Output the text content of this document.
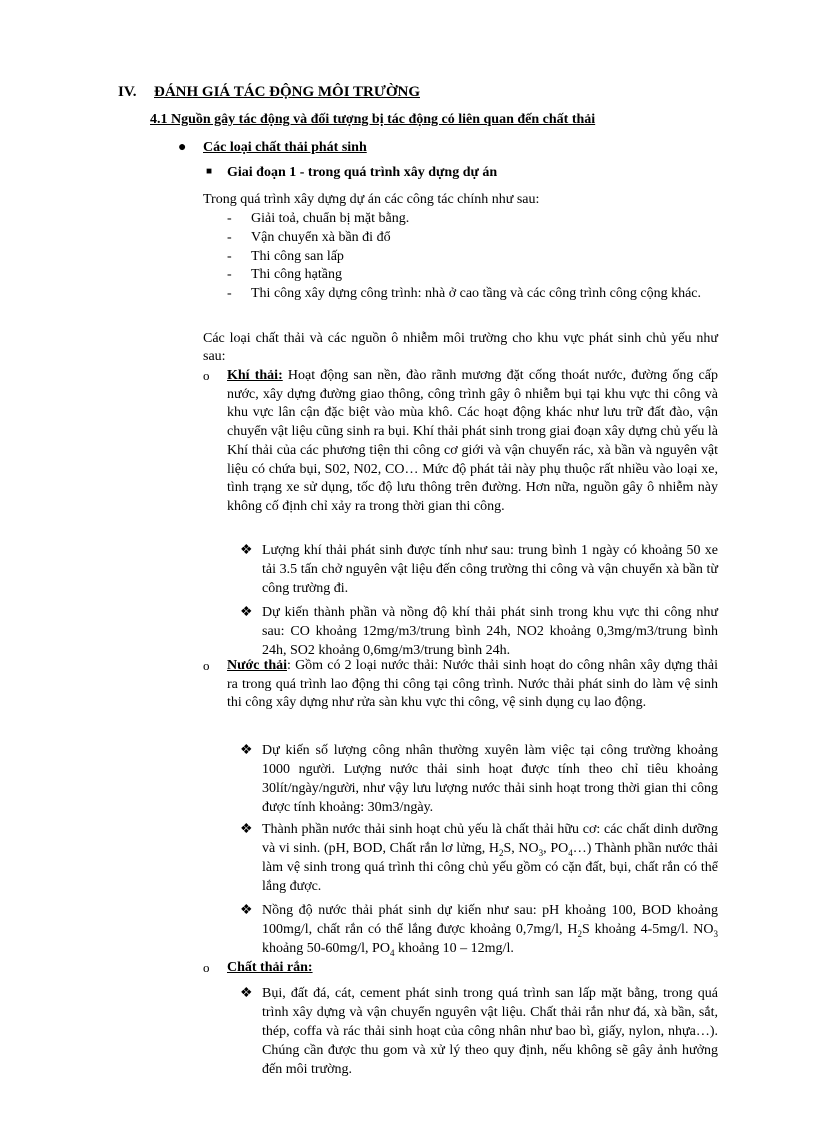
IV. ĐÁNH GIÁ TÁC ĐỘNG MÔI TRƯỜNG
4.1 Nguồn gây tác động và đối tượng bị tác động có liên quan đến chất thải
● Các loại chất thải phát sinh
■ Giai đoạn 1 - trong quá trình xây dựng dự án
Trong quá trình xây dựng dự án các công tác chính như sau:
- Giải toả, chuẩn bị mặt bằng.
- Vận chuyển xà bần đi đổ
- Thi công san lấp
- Thi công hạtầng
- Thi công xây dựng công trình: nhà ở cao tầng và các công trình công cộng khác.
Các loại chất thải và các nguồn ô nhiễm môi trường cho khu vực phát sinh chủ yếu như sau:
o Khí thải: Hoạt động san nền, đào rãnh mương đặt cống thoát nước, đường ống cấp nước, xây dựng đường giao thông, công trình gây ô nhiễm bụi tại khu vực thi công và khu vực lân cận đặc biệt vào mùa khô. Các hoạt động khác như lưu trữ đất đào, vận chuyển vật liệu cũng sinh ra bụi. Khí thải phát sinh trong giai đoạn xây dựng chủ yếu là Khí thải của các phương tiện thi công cơ giới và vận chuyển rác, xà bần và nguyên vật liệu có chứa bụi, S02, N02, CO… Mức độ phát tải này phụ thuộc rất nhiều vào loại xe, tình trạng xe sử dụng, tốc độ lưu thông trên đường. Hơn nữa, nguồn gây ô nhiễm này không cố định chỉ xảy ra trong thời gian thi công.
❖ Lượng khí thải phát sinh được tính như sau: trung bình 1 ngày có khoảng 50 xe tải 3.5 tấn chở nguyên vật liệu đến công trường thi công và vận chuyển xà bần từ công trường đi.
❖ Dự kiến thành phần và nồng độ khí thải phát sinh trong khu vực thi công như sau: CO khoảng 12mg/m3/trung bình 24h, NO2 khoảng 0,3mg/m3/trung bình 24h, SO2 khoảng 0,6mg/m3/trung bình 24h.
o Nước thải: Gồm có 2 loại nước thải: Nước thải sinh hoạt do công nhân xây dựng thải ra trong quá trình lao động thi công tại công trình. Nước thải phát sinh do làm vệ sinh thi công xây dựng như rửa sàn khu vực thi công, vệ sinh dụng cụ lao động.
❖ Dự kiến số lượng công nhân thường xuyên làm việc tại công trường khoảng 1000 người. Lượng nước thải sinh hoạt được tính theo chỉ tiêu khoảng 30lít/ngày/người, như vậy lưu lượng nước thải sinh hoạt trong thời gian thi công được tính khoảng: 30m3/ngày.
❖ Thành phần nước thải sinh hoạt chủ yếu là chất thải hữu cơ: các chất dinh dưỡng và vi sinh. (pH, BOD, Chất rắn lơ lửng, $H_2S$, $NO_3$, $PO_4\dots$) Thành phần nước thải làm vệ sinh trong quá trình thi công chủ yếu gồm có cặn đất, bụi, chất rắn có thể lắng được.
❖ Nồng độ nước thải phát sinh dự kiến như sau: pH khoảng 100, BOD khoảng 100mg/l, chất rắn có thể lắng được khoảng 0,7mg/l, $H_2S$ khoảng 4-5mg/l. $NO_3$ khoảng 50-60mg/l, $PO_4$ khoảng 10 – 12mg/l.
o Chất thải rắn:
❖ Bụi, đất đá, cát, cement phát sinh trong quá trình san lấp mặt bằng, trong quá trình xây dựng và vận chuyển nguyên vật liệu. Chất thải rắn như đá, xà bần, sắt, thép, coffa và rác thải sinh hoạt của công nhân như bao bì, giấy, nylon, nhựa…). Chúng cần được thu gom và xử lý theo quy định, nếu không sẽ gây ảnh hưởng đến môi trường.
